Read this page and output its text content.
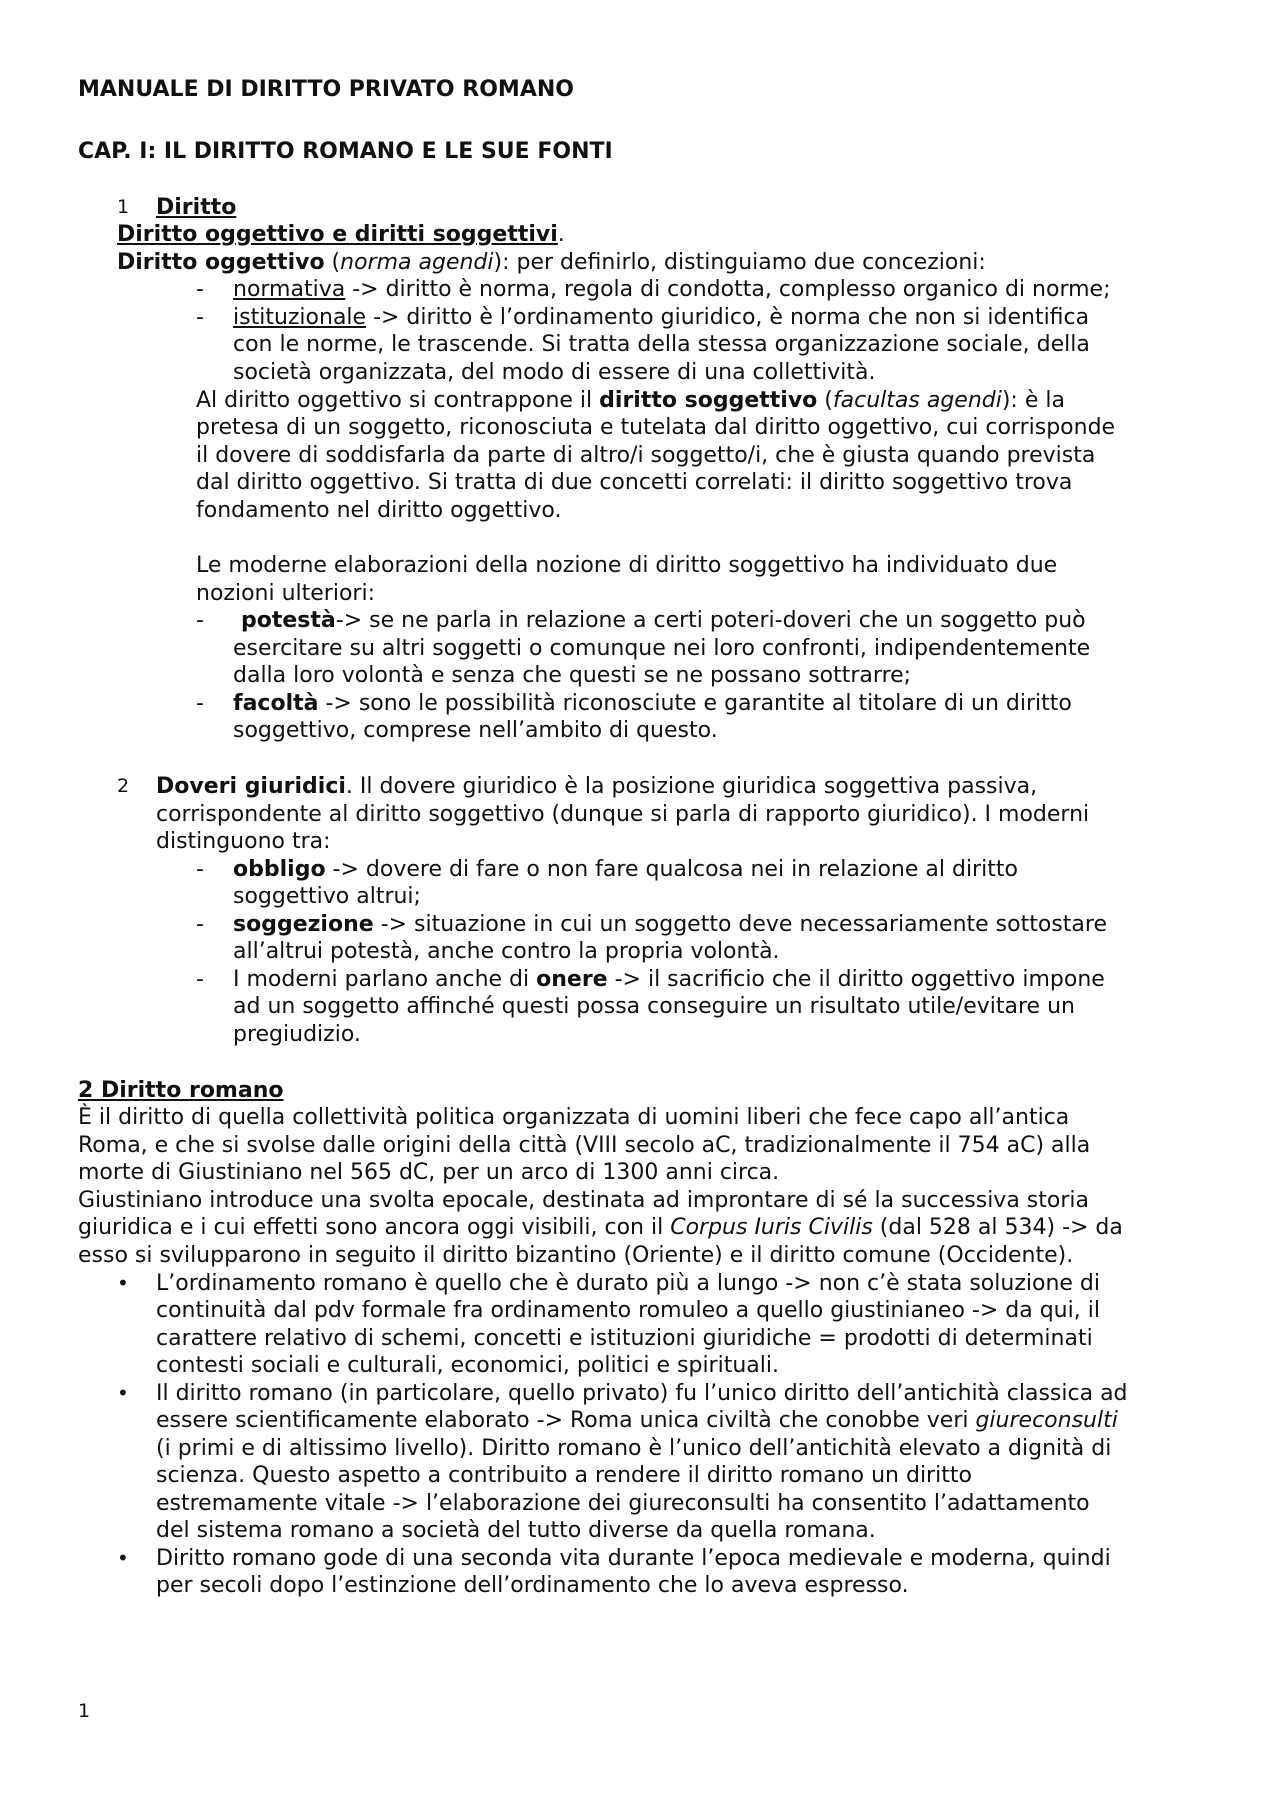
MANUALE DI DIRITTO PRIVATO ROMANO
CAP. I: IL DIRITTO ROMANO E LE SUE FONTI
1 Diritto
Diritto oggettivo e diritti soggettivi.
Diritto oggettivo (norma agendi): per definirlo, distinguiamo due concezioni:
- normativa -> diritto è norma, regola di condotta, complesso organico di norme;
- istituzionale -> diritto è l’ordinamento giuridico, è norma che non si identifica
con le norme, le trascende. Si tratta della stessa organizzazione sociale, della
società organizzata, del modo di essere di una collettività.
Al diritto oggettivo si contrappone il diritto soggettivo (facultas agendi): è la
pretesa di un soggetto, riconosciuta e tutelata dal diritto oggettivo, cui corrisponde
il dovere di soddisfarla da parte di altro/i soggetto/i, che è giusta quando prevista
dal diritto oggettivo. Si tratta di due concetti correlati: il diritto soggettivo trova
fondamento nel diritto oggettivo.
Le moderne elaborazioni della nozione di diritto soggettivo ha individuato due
nozioni ulteriori:
- potestà-> se ne parla in relazione a certi poteri-doveri che un soggetto può
esercitare su altri soggetti o comunque nei loro confronti, indipendentemente
dalla loro volontà e senza che questi se ne possano sottrarre;
- facoltà -> sono le possibilità riconosciute e garantite al titolare di un diritto
soggettivo, comprese nell’ambito di questo.
2 Doveri giuridici. Il dovere giuridico è la posizione giuridica soggettiva passiva,
corrispondente al diritto soggettivo (dunque si parla di rapporto giuridico). I moderni
distinguono tra:
- obbligo -> dovere di fare o non fare qualcosa nei in relazione al diritto
soggettivo altrui;
- soggezione -> situazione in cui un soggetto deve necessariamente sottostare
all’altrui potestà, anche contro la propria volontà.
- I moderni parlano anche di onere -> il sacrificio che il diritto oggettivo impone
ad un soggetto affinché questi possa conseguire un risultato utile/evitare un
pregiudizio.
2 Diritto romano
È il diritto di quella collettività politica organizzata di uomini liberi che fece capo all’antica
Roma, e che si svolse dalle origini della città (VIII secolo aC, tradizionalmente il 754 aC) alla
morte di Giustiniano nel 565 dC, per un arco di 1300 anni circa.
Giustiniano introduce una svolta epocale, destinata ad improntare di sé la successiva storia
giuridica e i cui effetti sono ancora oggi visibili, con il Corpus Iuris Civilis (dal 528 al 534) -> da
esso si svilupparono in seguito il diritto bizantino (Oriente) e il diritto comune (Occidente).
• L’ordinamento romano è quello che è durato più a lungo -> non c’è stata soluzione di
continuità dal pdv formale fra ordinamento romuleo a quello giustinianeo -> da qui, il
carattere relativo di schemi, concetti e istituzioni giuridiche = prodotti di determinati
contesti sociali e culturali, economici, politici e spirituali.
• Il diritto romano (in particolare, quello privato) fu l’unico diritto dell’antichità classica ad
essere scientificamente elaborato -> Roma unica civiltà che conobbe veri giureconsulti
(i primi e di altissimo livello). Diritto romano è l’unico dell’antichità elevato a dignità di
scienza. Questo aspetto a contribuito a rendere il diritto romano un diritto
estremamente vitale -> l’elaborazione dei giureconsulti ha consentito l’adattamento
del sistema romano a società del tutto diverse da quella romana.
• Diritto romano gode di una seconda vita durante l’epoca medievale e moderna, quindi
per secoli dopo l’estinzione dell’ordinamento che lo aveva espresso.
1
